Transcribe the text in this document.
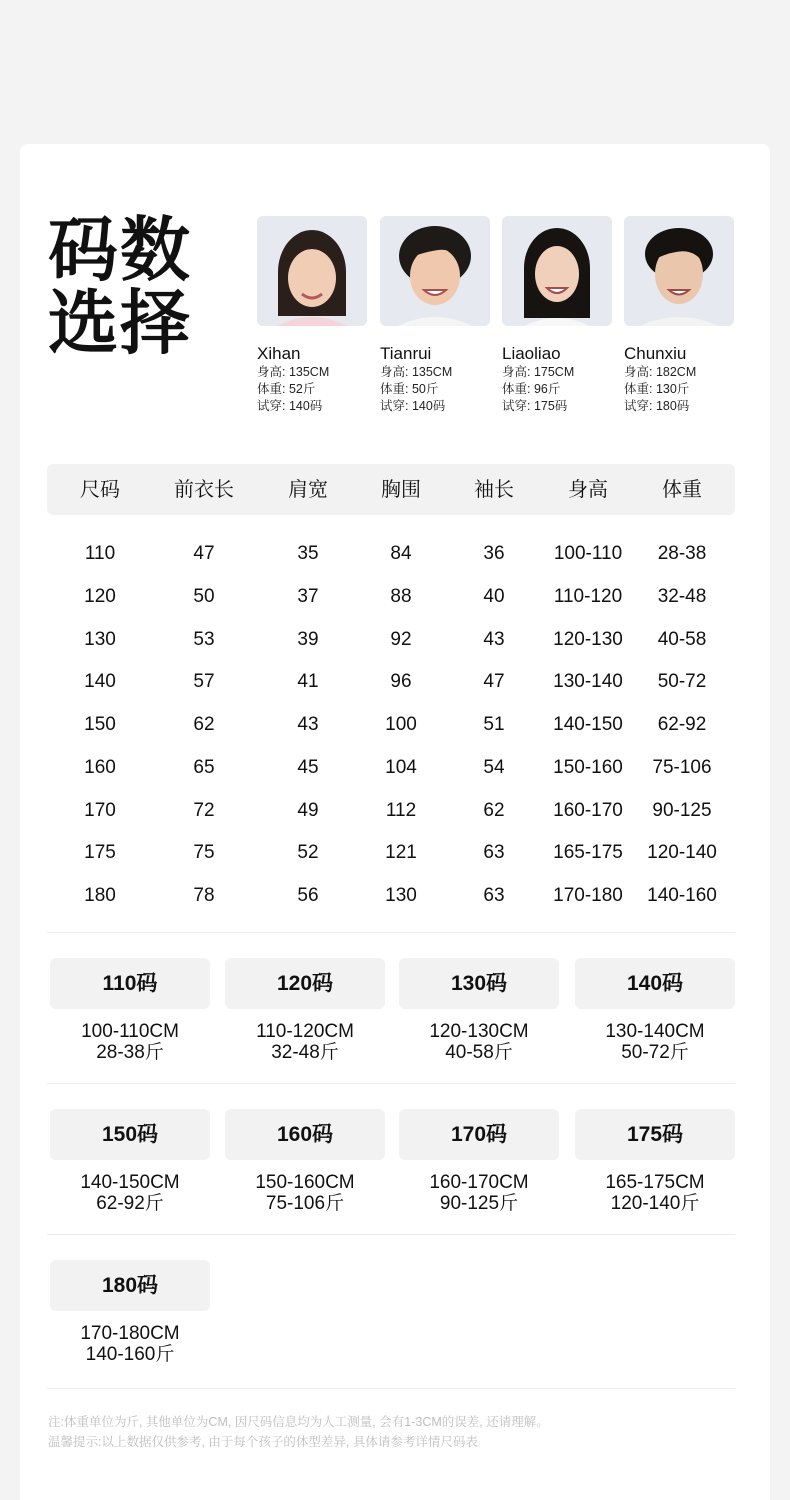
码数
选择	Xihan
身高: 135CM
体重: 52斤
试穿: 140码
Tianrui
身高: 135CM
体重: 50斤
试穿: 140码
Liaoliao
身高: 175CM
体重: 96斤
试穿: 175码
Chunxiu
身高: 182CM
体重: 130斤
试穿: 180码
尺码	前衣长	肩宽	胸围	袖长	身高	体重
110	47	35	84	36	100-110	28-38
120	50	37	88	40	110-120	32-48
130	53	39	92	43	120-130	40-58
140	57	41	96	47	130-140	50-72
150	62	43	100	51	140-150	62-92
160	65	45	104	54	150-160	75-106
170	72	49	112	62	160-170	90-125
175	75	52	121	63	165-175	120-140
180	78	56	130	63	170-180	140-160
110码
100-110CM
28-38斤
120码
110-120CM
32-48斤
130码
120-130CM
40-58斤
140码
130-140CM
50-72斤
150码
140-150CM
62-92斤
160码
150-160CM
75-106斤
170码
160-170CM
90-125斤
175码
165-175CM
120-140斤
180码
170-180CM
140-160斤
注:体重单位为斤, 其他单位为CM, 因尺码信息均为人工测量, 会有1-3CM的误差, 还请理解。
温馨提示:以上数据仅供参考, 由于每个孩子的体型差异, 具体请参考详情尺码表
